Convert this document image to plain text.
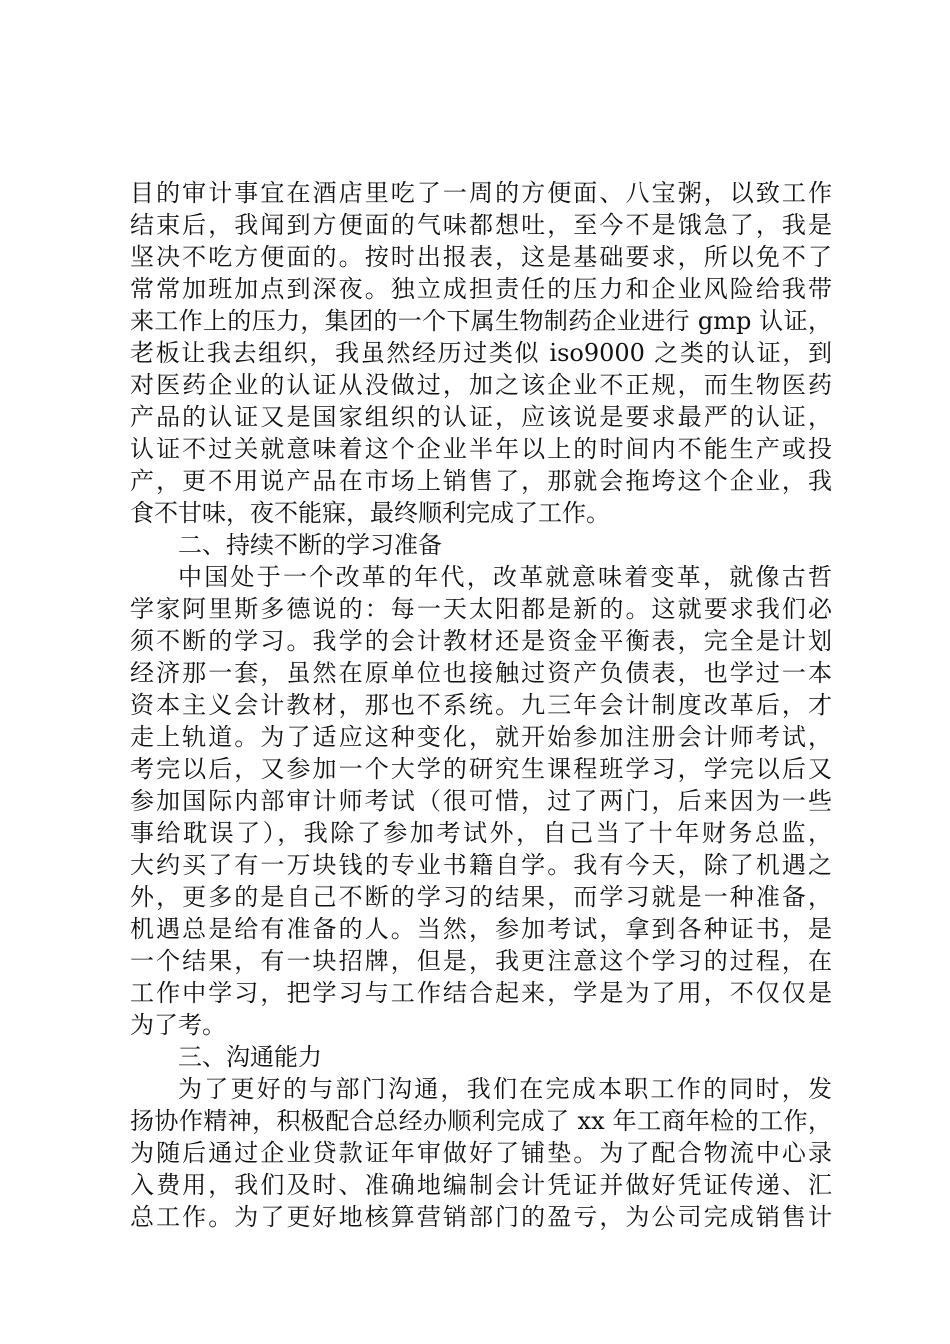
目的审计事宜在酒店里吃了一周的方便面、八宝粥，以致工作
结束后，我闻到方便面的气味都想吐，至今不是饿急了，我是
坚决不吃方便面的。按时出报表，这是基础要求，所以免不了
常常加班加点到深夜。独立成担责任的压力和企业风险给我带
来工作上的压力，集团的一个下属生物制药企业进行 gmp 认证，
老板让我去组织，我虽然经历过类似 iso9000 之类的认证，到
对医药企业的认证从没做过，加之该企业不正规，而生物医药
产品的认证又是国家组织的认证，应该说是要求最严的认证，
认证不过关就意味着这个企业半年以上的时间内不能生产或投
产，更不用说产品在市场上销售了，那就会拖垮这个企业，我
食不甘味，夜不能寐，最终顺利完成了工作。
二、持续不断的学习准备
中国处于一个改革的年代，改革就意味着变革，就像古哲
学家阿里斯多德说的：每一天太阳都是新的。这就要求我们必
须不断的学习。我学的会计教材还是资金平衡表，完全是计划
经济那一套，虽然在原单位也接触过资产负债表，也学过一本
资本主义会计教材，那也不系统。九三年会计制度改革后，才
走上轨道。为了适应这种变化，就开始参加注册会计师考试，
考完以后，又参加一个大学的研究生课程班学习，学完以后又
参加国际内部审计师考试（很可惜，过了两门，后来因为一些
事给耽误了），我除了参加考试外，自己当了十年财务总监，
大约买了有一万块钱的专业书籍自学。我有今天，除了机遇之
外，更多的是自己不断的学习的结果，而学习就是一种准备，
机遇总是给有准备的人。当然，参加考试，拿到各种证书，是
一个结果，有一块招牌，但是，我更注意这个学习的过程，在
工作中学习，把学习与工作结合起来，学是为了用，不仅仅是
为了考。
三、沟通能力
为了更好的与部门沟通，我们在完成本职工作的同时，发
扬协作精神，积极配合总经办顺利完成了 xx 年工商年检的工作，
为随后通过企业贷款证年审做好了铺垫。为了配合物流中心录
入费用，我们及时、准确地编制会计凭证并做好凭证传递、汇
总工作。为了更好地核算营销部门的盈亏，为公司完成销售计
